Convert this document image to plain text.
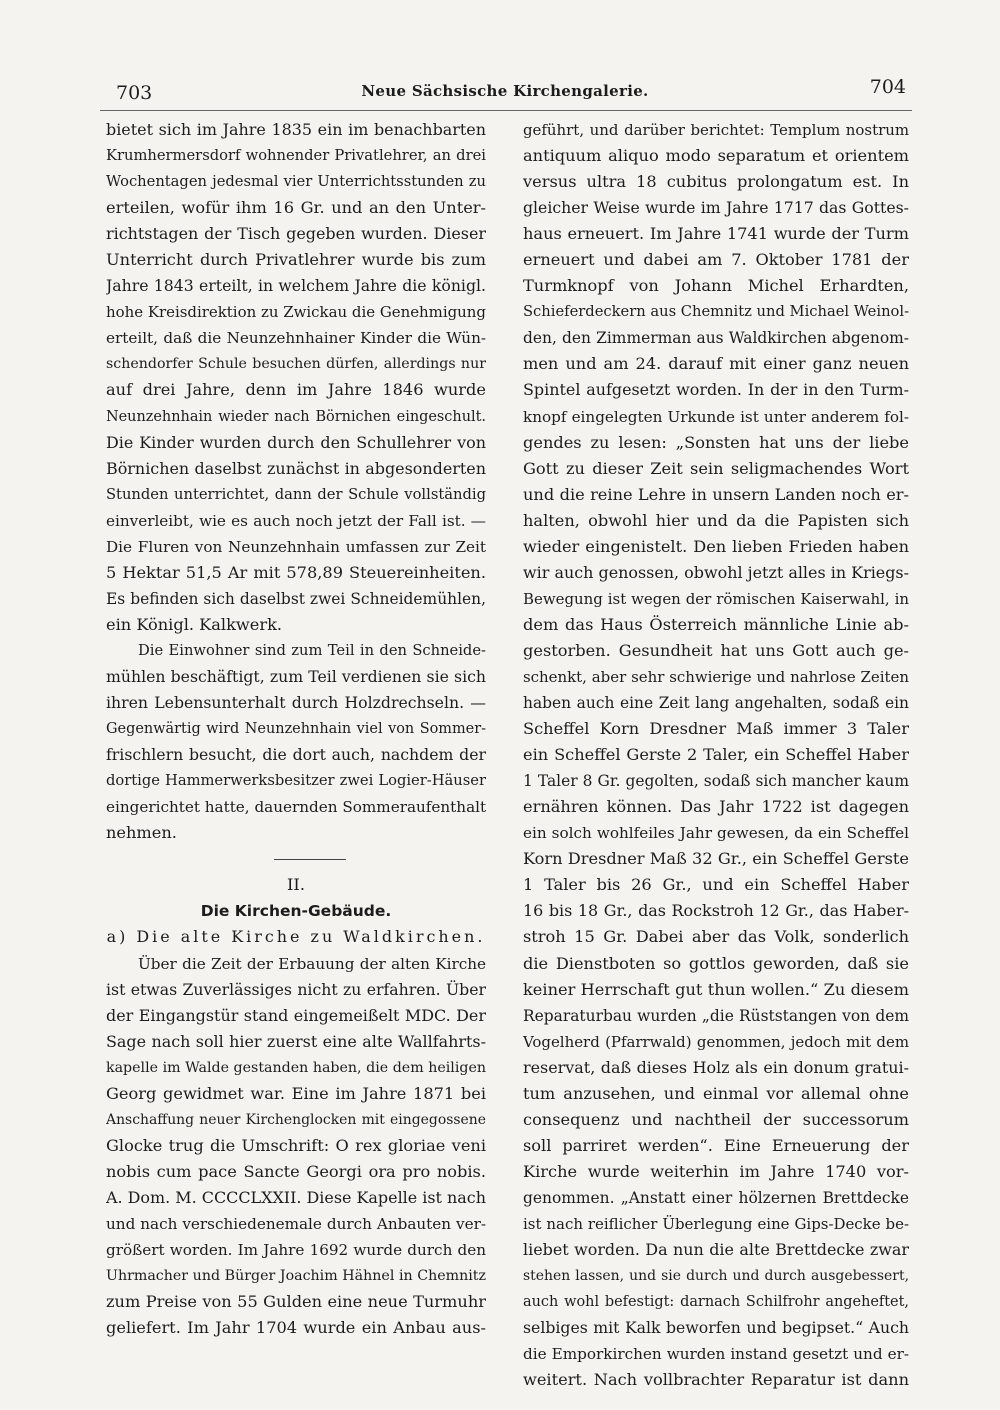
703	Neue Sächsische Kirchengalerie.	704
bietet sich im Jahre 1835 ein im benachbarten
Krumhermersdorf wohnender Privatlehrer, an drei
Wochentagen jedesmal vier Unterrichtsstunden zu
erteilen, wofür ihm 16 Gr. und an den Unter-
richtstagen der Tisch gegeben wurden. Dieser
Unterricht durch Privatlehrer wurde bis zum
Jahre 1843 erteilt, in welchem Jahre die königl.
hohe Kreisdirektion zu Zwickau die Genehmigung
erteilt, daß die Neunzehnhainer Kinder die Wün-
schendorfer Schule besuchen dürfen, allerdings nur
auf drei Jahre, denn im Jahre 1846 wurde
Neunzehnhain wieder nach Börnichen eingeschult.
Die Kinder wurden durch den Schullehrer von
Börnichen daselbst zunächst in abgesonderten
Stunden unterrichtet, dann der Schule vollständig
einverleibt, wie es auch noch jetzt der Fall ist. —
Die Fluren von Neunzehnhain umfassen zur Zeit
5 Hektar 51,5 Ar mit 578,89 Steuereinheiten.
Es befinden sich daselbst zwei Schneidemühlen,
ein Königl. Kalkwerk.
Die Einwohner sind zum Teil in den Schneide-
mühlen beschäftigt, zum Teil verdienen sie sich
ihren Lebensunterhalt durch Holzdrechseln. —
Gegenwärtig wird Neunzehnhain viel von Sommer-
frischlern besucht, die dort auch, nachdem der
dortige Hammerwerksbesitzer zwei Logier-Häuser
eingerichtet hatte, dauernden Sommeraufenthalt
nehmen.
II.
Die Kirchen-Gebäude.
a) Die alte Kirche zu Waldkirchen.
Über die Zeit der Erbauung der alten Kirche
ist etwas Zuverlässiges nicht zu erfahren. Über
der Eingangstür stand eingemeißelt MDC. Der
Sage nach soll hier zuerst eine alte Wallfahrts-
kapelle im Walde gestanden haben, die dem heiligen
Georg gewidmet war. Eine im Jahre 1871 bei
Anschaffung neuer Kirchenglocken mit eingegossene
Glocke trug die Umschrift: O rex gloriae veni
nobis cum pace Sancte Georgi ora pro nobis.
A. Dom. M. CCCCLXXII. Diese Kapelle ist nach
und nach verschiedenemale durch Anbauten ver-
größert worden. Im Jahre 1692 wurde durch den
Uhrmacher und Bürger Joachim Hähnel in Chemnitz
zum Preise von 55 Gulden eine neue Turmuhr
geliefert. Im Jahr 1704 wurde ein Anbau aus-
geführt, und darüber berichtet: Templum nostrum
antiquum aliquo modo separatum et orientem
versus ultra 18 cubitus prolongatum est. In
gleicher Weise wurde im Jahre 1717 das Gottes-
haus erneuert. Im Jahre 1741 wurde der Turm
erneuert und dabei am 7. Oktober 1781 der
Turmknopf von Johann Michel Erhardten,
Schieferdeckern aus Chemnitz und Michael Weinol-
den, den Zimmerman aus Waldkirchen abgenom-
men und am 24. darauf mit einer ganz neuen
Spintel aufgesetzt worden. In der in den Turm-
knopf eingelegten Urkunde ist unter anderem fol-
gendes zu lesen: „Sonsten hat uns der liebe
Gott zu dieser Zeit sein seligmachendes Wort
und die reine Lehre in unsern Landen noch er-
halten, obwohl hier und da die Papisten sich
wieder eingenistelt. Den lieben Frieden haben
wir auch genossen, obwohl jetzt alles in Kriegs-
Bewegung ist wegen der römischen Kaiserwahl, in
dem das Haus Österreich männliche Linie ab-
gestorben. Gesundheit hat uns Gott auch ge-
schenkt, aber sehr schwierige und nahrlose Zeiten
haben auch eine Zeit lang angehalten, sodaß ein
Scheffel Korn Dresdner Maß immer 3 Taler
ein Scheffel Gerste 2 Taler, ein Scheffel Haber
1 Taler 8 Gr. gegolten, sodaß sich mancher kaum
ernähren können. Das Jahr 1722 ist dagegen
ein solch wohlfeiles Jahr gewesen, da ein Scheffel
Korn Dresdner Maß 32 Gr., ein Scheffel Gerste
1 Taler bis 26 Gr., und ein Scheffel Haber
16 bis 18 Gr., das Rockstroh 12 Gr., das Haber-
stroh 15 Gr. Dabei aber das Volk, sonderlich
die Dienstboten so gottlos geworden, daß sie
keiner Herrschaft gut thun wollen.“ Zu diesem
Reparaturbau wurden „die Rüststangen von dem
Vogelherd (Pfarrwald) genommen, jedoch mit dem
reservat, daß dieses Holz als ein donum gratui-
tum anzusehen, und einmal vor allemal ohne
consequenz und nachtheil der successorum
soll parriret werden“. Eine Erneuerung der
Kirche wurde weiterhin im Jahre 1740 vor-
genommen. „Anstatt einer hölzernen Brettdecke
ist nach reiflicher Überlegung eine Gips-Decke be-
liebet worden. Da nun die alte Brettdecke zwar
stehen lassen, und sie durch und durch ausgebessert,
auch wohl befestigt: darnach Schilfrohr angeheftet,
selbiges mit Kalk beworfen und begipset.“ Auch
die Emporkirchen wurden instand gesetzt und er-
weitert. Nach vollbrachter Reparatur ist dann
